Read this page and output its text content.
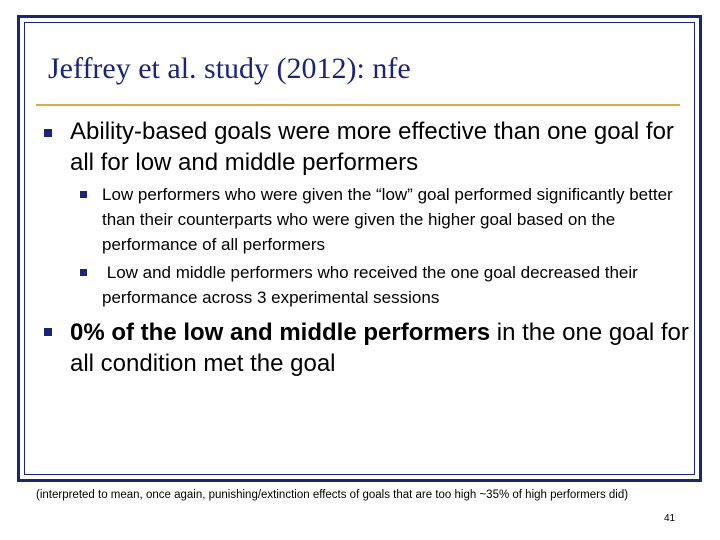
Jeffrey et al. study (2012): nfe
Ability-based goals were more effective than one goal for all for low and middle performers
Low performers who were given the “low” goal performed significantly better than their counterparts who were given the higher goal based on the performance of all performers
Low and middle performers who received the one goal decreased their performance across 3 experimental sessions
0% of the low and middle performers in the one goal for all condition met the goal
(interpreted to mean, once again, punishing/extinction effects of goals that are too high ~35% of high performers did)
41
